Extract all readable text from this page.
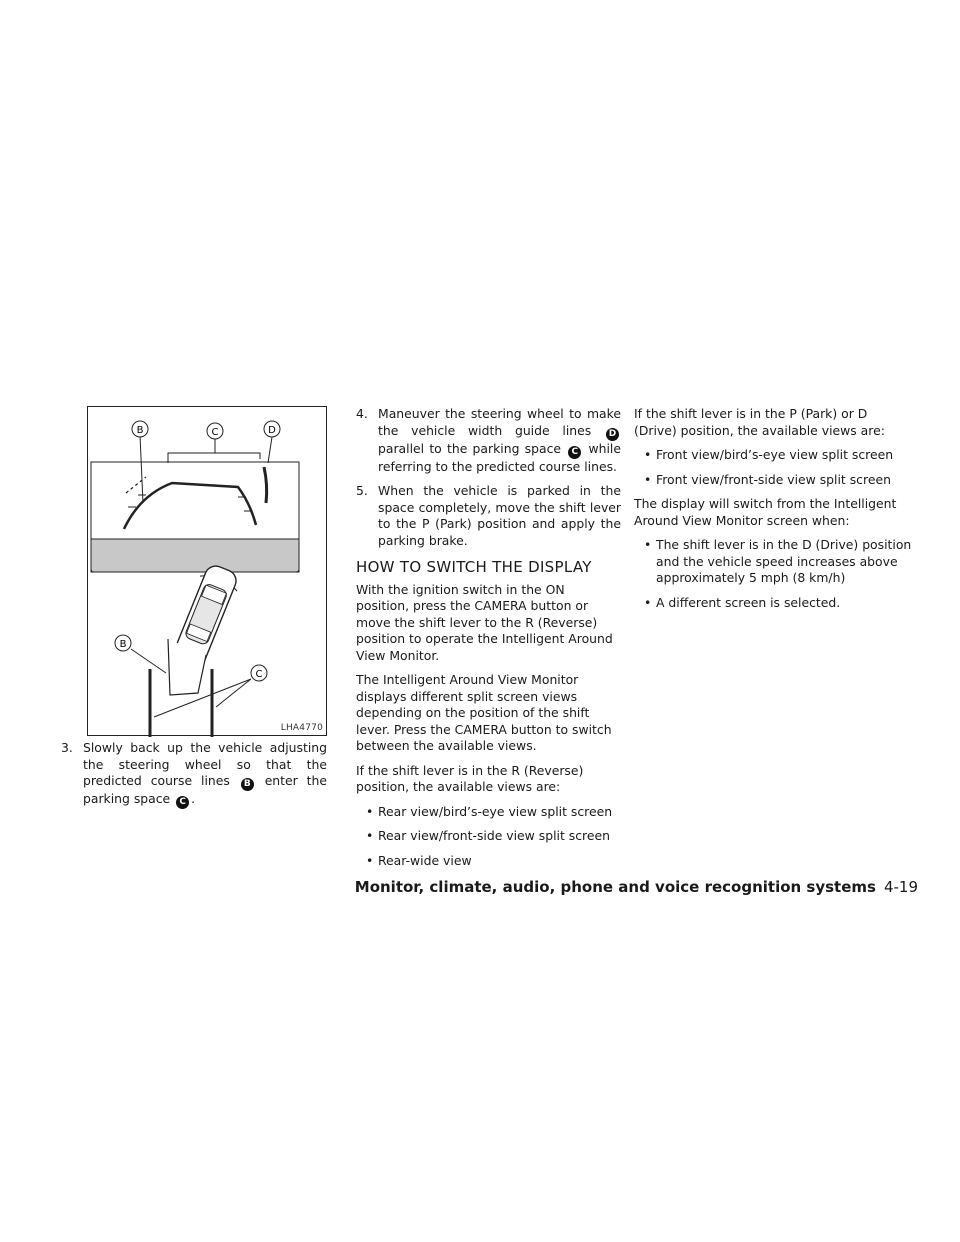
B	C	D
B
C
LHA4770

3. Slowly back up the vehicle adjusting the steering wheel so that the predicted course lines B enter the parking space C .

4. Maneuver the steering wheel to make the vehicle width guide lines D parallel to the parking space C while referring to the predicted course lines.

5. When the vehicle is parked in the space completely, move the shift lever to the P (Park) position and apply the parking brake.

HOW TO SWITCH THE DISPLAY

With the ignition switch in the ON position, press the CAMERA button or move the shift lever to the R (Reverse) position to operate the Intelligent Around View Monitor.

The Intelligent Around View Monitor displays different split screen views depending on the position of the shift lever. Press the CAMERA button to switch between the available views.

If the shift lever is in the R (Reverse) position, the available views are:

• Rear view/bird’s-eye view split screen
• Rear view/front-side view split screen
• Rear-wide view

If the shift lever is in the P (Park) or D (Drive) position, the available views are:

• Front view/bird’s-eye view split screen
• Front view/front-side view split screen

The display will switch from the Intelligent Around View Monitor screen when:

• The shift lever is in the D (Drive) position and the vehicle speed increases above approximately 5 mph (8 km/h)
• A different screen is selected.
Monitor, climate, audio, phone and voice recognition systems 4-19
